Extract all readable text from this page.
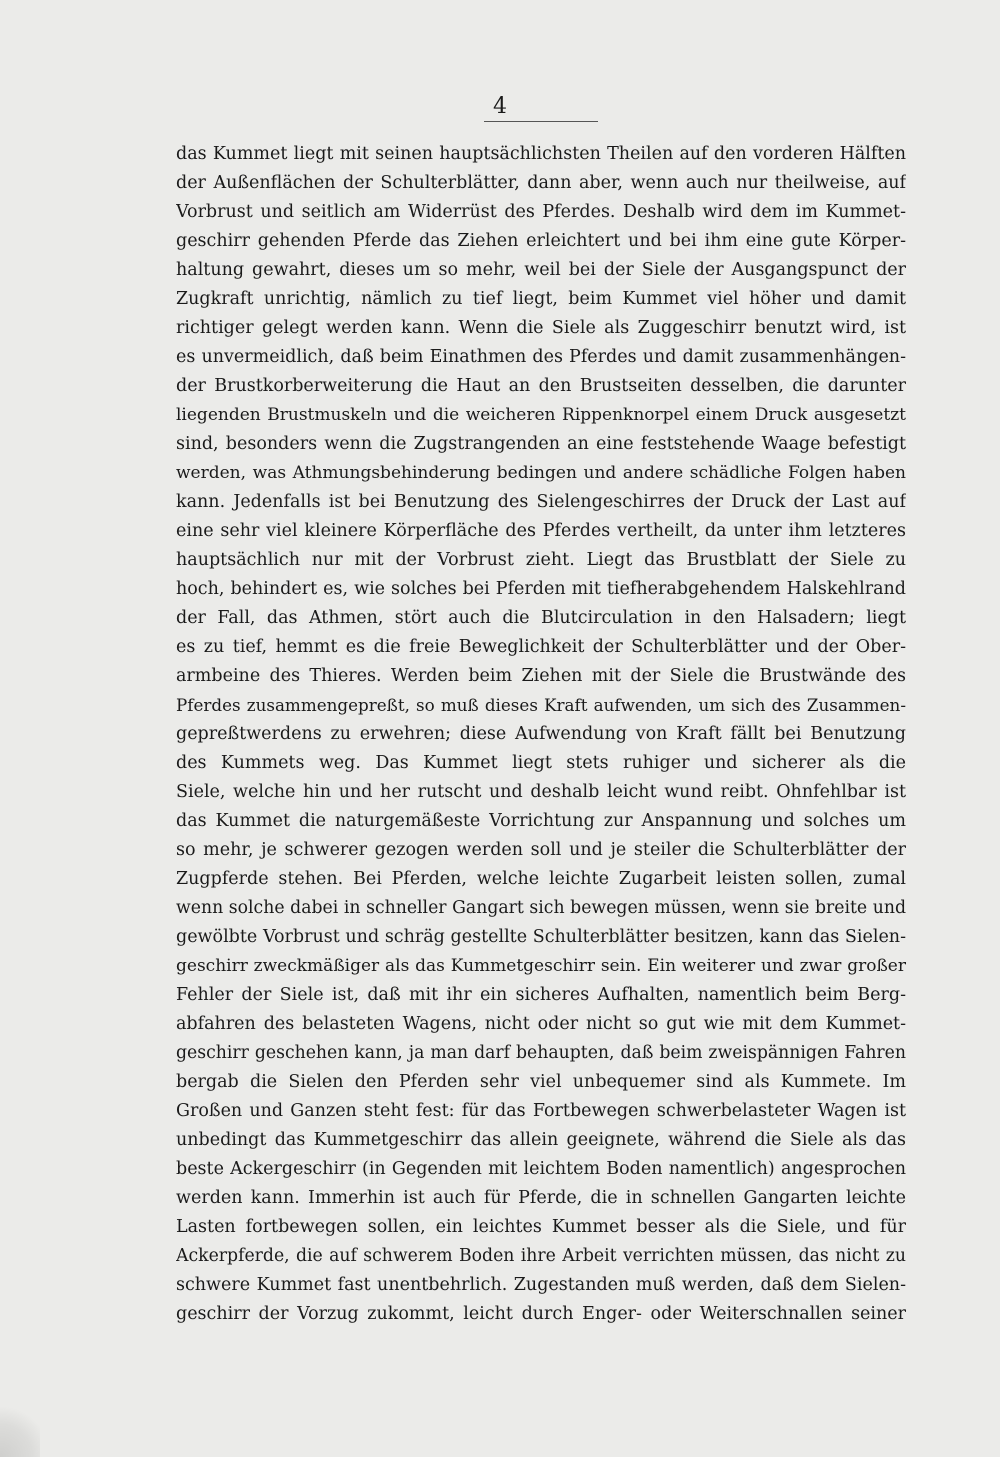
4
das Kummet liegt mit seinen hauptsächlichsten Theilen auf den vorderen Hälften
der Außenflächen der Schulterblätter, dann aber, wenn auch nur theilweise, auf
Vorbrust und seitlich am Widerrüst des Pferdes. Deshalb wird dem im Kummet-
geschirr gehenden Pferde das Ziehen erleichtert und bei ihm eine gute Körper-
haltung gewahrt, dieses um so mehr, weil bei der Siele der Ausgangspunct der
Zugkraft unrichtig, nämlich zu tief liegt, beim Kummet viel höher und damit
richtiger gelegt werden kann. Wenn die Siele als Zuggeschirr benutzt wird, ist
es unvermeidlich, daß beim Einathmen des Pferdes und damit zusammenhängen-
der Brustkorberweiterung die Haut an den Brustseiten desselben, die darunter
liegenden Brustmuskeln und die weicheren Rippenknorpel einem Druck ausgesetzt
sind, besonders wenn die Zugstrangenden an eine feststehende Waage befestigt
werden, was Athmungsbehinderung bedingen und andere schädliche Folgen haben
kann. Jedenfalls ist bei Benutzung des Sielengeschirres der Druck der Last auf
eine sehr viel kleinere Körperfläche des Pferdes vertheilt, da unter ihm letzteres
hauptsächlich nur mit der Vorbrust zieht. Liegt das Brustblatt der Siele zu
hoch, behindert es, wie solches bei Pferden mit tiefherabgehendem Halskehlrand
der Fall, das Athmen, stört auch die Blutcirculation in den Halsadern; liegt
es zu tief, hemmt es die freie Beweglichkeit der Schulterblätter und der Ober-
armbeine des Thieres. Werden beim Ziehen mit der Siele die Brustwände des
Pferdes zusammengepreßt, so muß dieses Kraft aufwenden, um sich des Zusammen-
gepreßtwerdens zu erwehren; diese Aufwendung von Kraft fällt bei Benutzung
des Kummets weg. Das Kummet liegt stets ruhiger und sicherer als die
Siele, welche hin und her rutscht und deshalb leicht wund reibt. Ohnfehlbar ist
das Kummet die naturgemäßeste Vorrichtung zur Anspannung und solches um
so mehr, je schwerer gezogen werden soll und je steiler die Schulterblätter der
Zugpferde stehen. Bei Pferden, welche leichte Zugarbeit leisten sollen, zumal
wenn solche dabei in schneller Gangart sich bewegen müssen, wenn sie breite und
gewölbte Vorbrust und schräg gestellte Schulterblätter besitzen, kann das Sielen-
geschirr zweckmäßiger als das Kummetgeschirr sein. Ein weiterer und zwar großer
Fehler der Siele ist, daß mit ihr ein sicheres Aufhalten, namentlich beim Berg-
abfahren des belasteten Wagens, nicht oder nicht so gut wie mit dem Kummet-
geschirr geschehen kann, ja man darf behaupten, daß beim zweispännigen Fahren
bergab die Sielen den Pferden sehr viel unbequemer sind als Kummete. Im
Großen und Ganzen steht fest: für das Fortbewegen schwerbelasteter Wagen ist
unbedingt das Kummetgeschirr das allein geeignete, während die Siele als das
beste Ackergeschirr (in Gegenden mit leichtem Boden namentlich) angesprochen
werden kann. Immerhin ist auch für Pferde, die in schnellen Gangarten leichte
Lasten fortbewegen sollen, ein leichtes Kummet besser als die Siele, und für
Ackerpferde, die auf schwerem Boden ihre Arbeit verrichten müssen, das nicht zu
schwere Kummet fast unentbehrlich. Zugestanden muß werden, daß dem Sielen-
geschirr der Vorzug zukommt, leicht durch Enger- oder Weiterschnallen seiner
